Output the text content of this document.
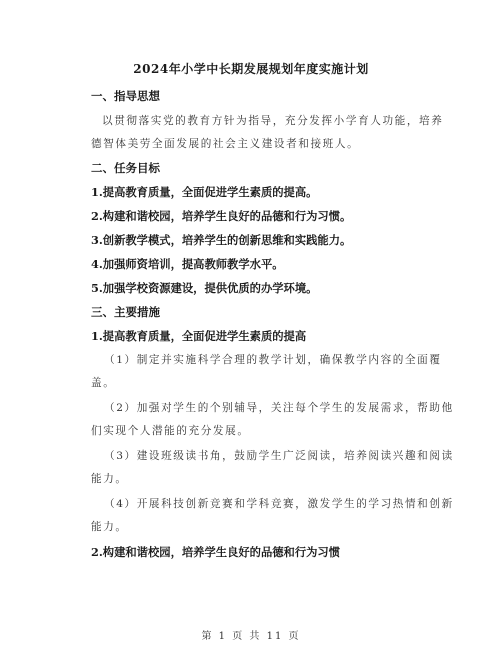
2024年小学中长期发展规划年度实施计划
一、指导思想
以贯彻落实党的教育方针为指导，充分发挥小学育人功能，培养
德智体美劳全面发展的社会主义建设者和接班人。
二、任务目标
1.提高教育质量，全面促进学生素质的提高。
2.构建和谐校园，培养学生良好的品德和行为习惯。
3.创新教学模式，培养学生的创新思维和实践能力。
4.加强师资培训，提高教师教学水平。
5.加强学校资源建设，提供优质的办学环境。
三、主要措施
1.提高教育质量，全面促进学生素质的提高
（1）制定并实施科学合理的教学计划，确保教学内容的全面覆
盖。
（2）加强对学生的个别辅导，关注每个学生的发展需求，帮助他
们实现个人潜能的充分发展。
（3）建设班级读书角，鼓励学生广泛阅读，培养阅读兴趣和阅读
能力。
（4）开展科技创新竞赛和学科竞赛，激发学生的学习热情和创新
能力。
2.构建和谐校园，培养学生良好的品德和行为习惯
第 1 页 共 11 页
